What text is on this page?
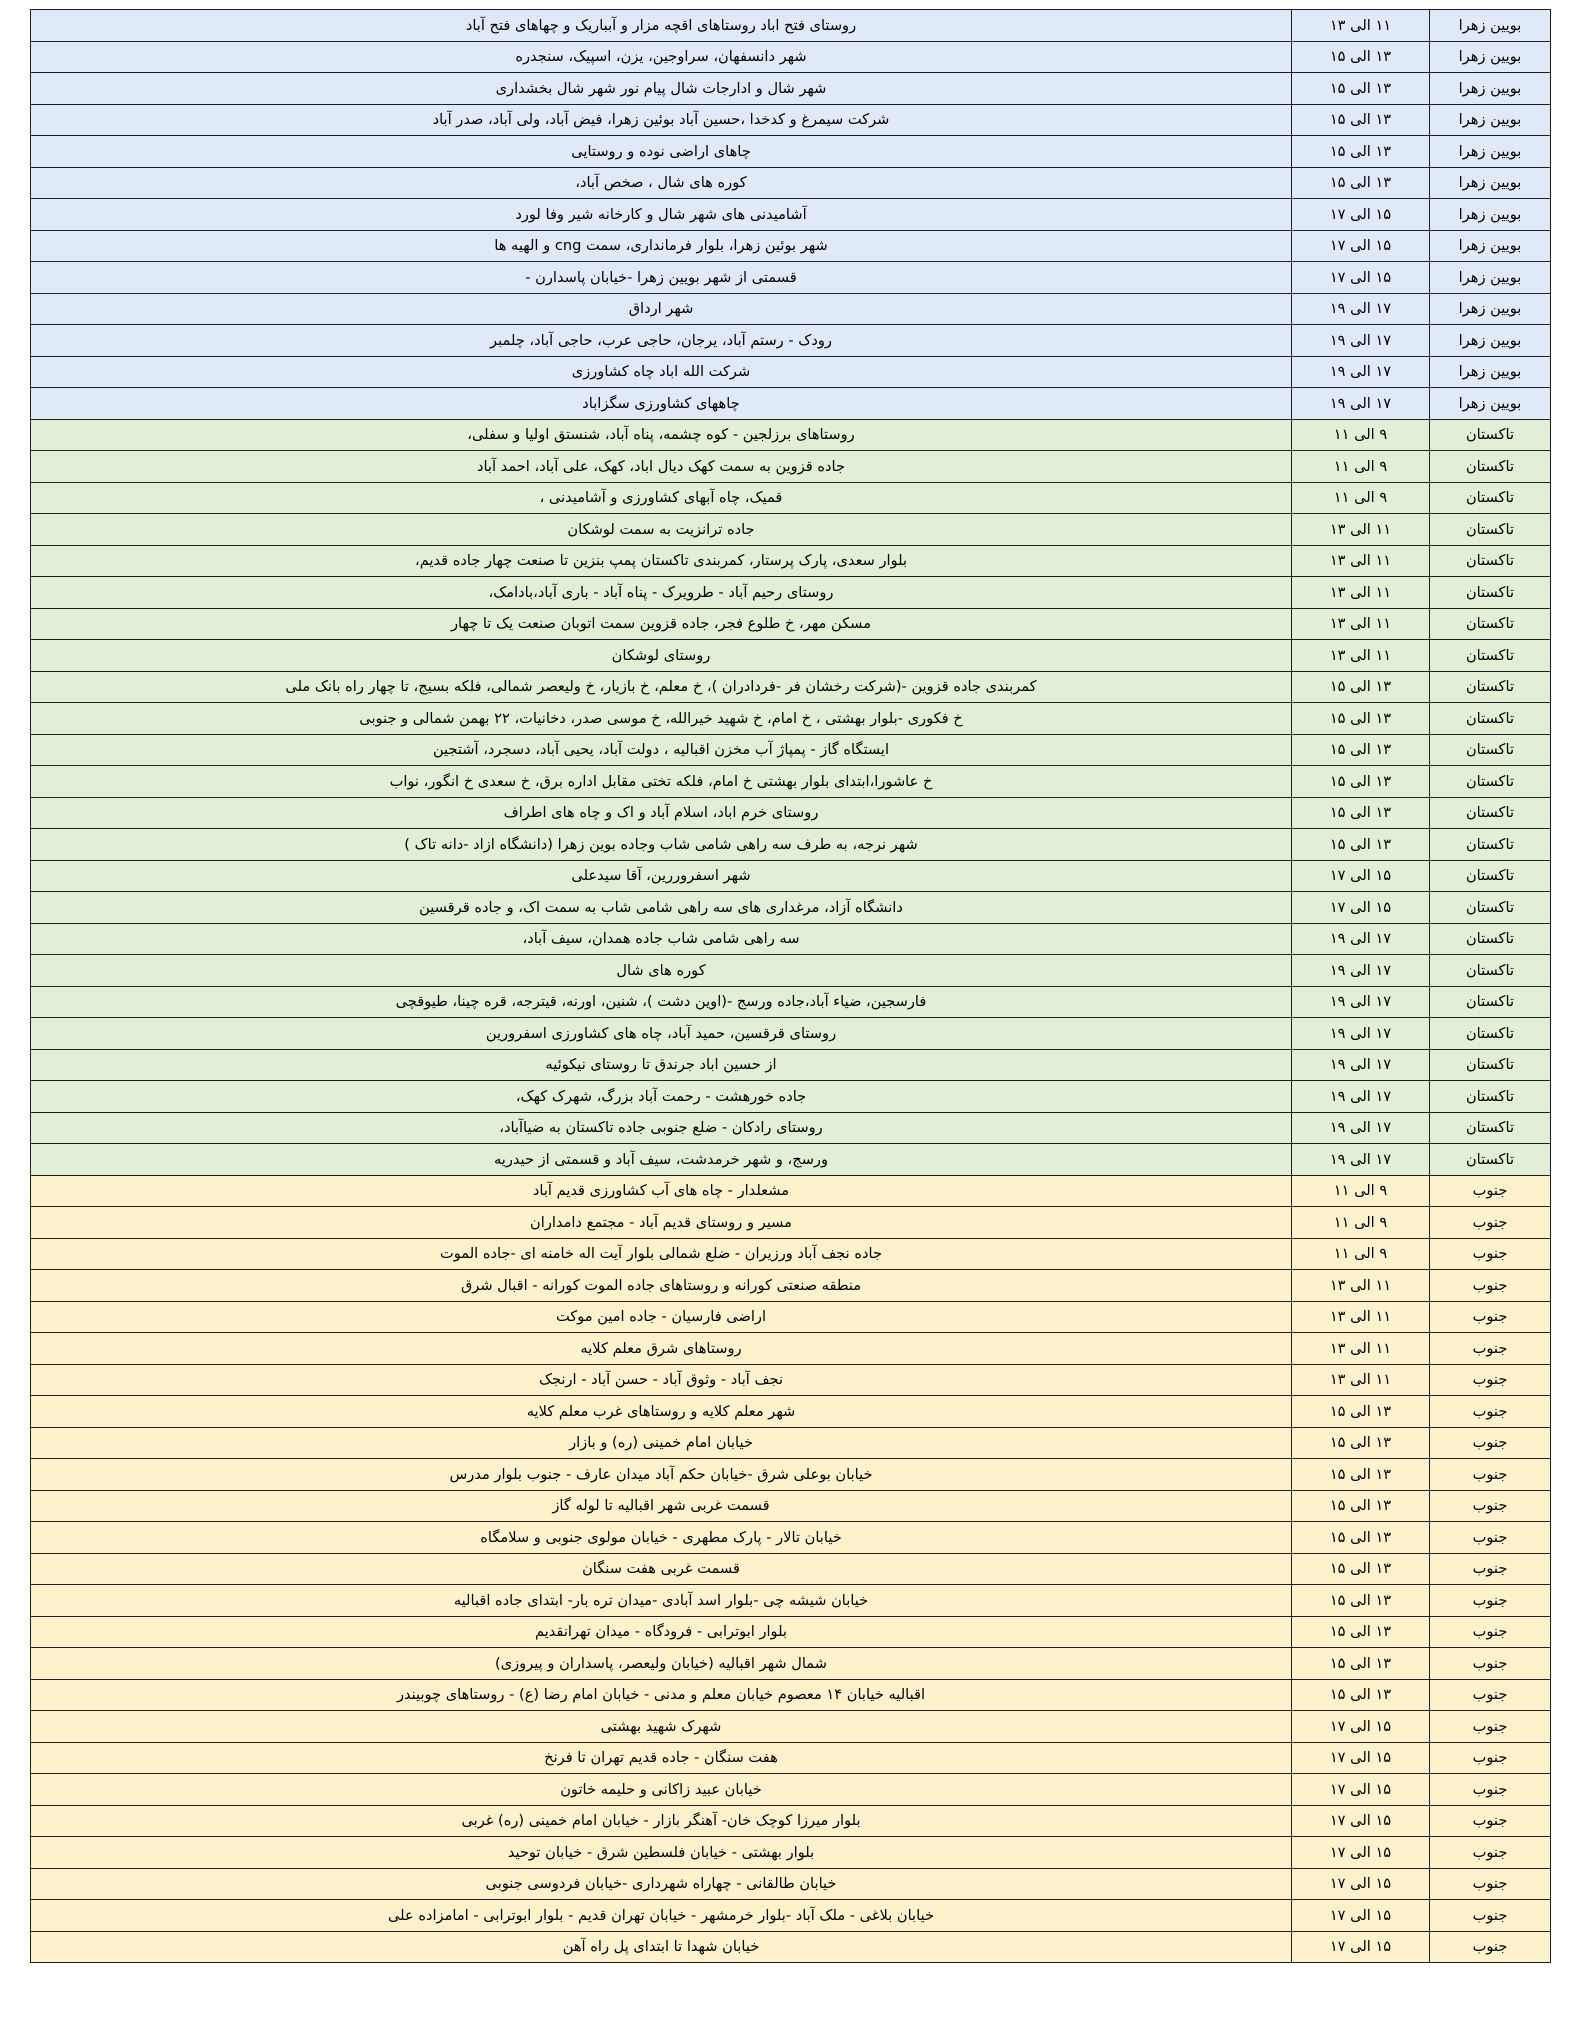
بویین زهرا	۱۱ الی ۱۳	روستای فتح اباد روستاهای اقچه مزار و آبباریک و چهاهای فتح آباد
بویین زهرا	۱۳ الی ۱۵	شهر دانسفهان، سراوجین، یزن، اسپیک، سنجدره
بویین زهرا	۱۳ الی ۱۵	شهر شال و ادارجات شال پیام نور شهر شال بخشداری
بویین زهرا	۱۳ الی ۱۵	شرکت سیمرغ و کدخدا ،حسین آباد بوئین زهرا، فیض آباد، ولی آباد، صدر آباد
بویین زهرا	۱۳ الی ۱۵	چاهای اراضی نوده و روستایی
بویین زهرا	۱۳ الی ۱۵	کوره های شال ، صخص آباد،
بویین زهرا	۱۵ الی ۱۷	آشامیدنی های شهر شال و کارخانه شیر وفا لورد
بویین زهرا	۱۵ الی ۱۷	شهر بوئین زهرا، بلوار فرمانداری، سمت cng و الهیه ها
بویین زهرا	۱۵ الی ۱۷	قسمتی از شهر بویین زهرا -خیابان پاسدارن -
بویین زهرا	۱۷ الی ۱۹	شهر ارداق
بویین زهرا	۱۷ الی ۱۹	رودک - رستم آباد، یرجان، حاجی عرب، حاجی آباد، چلمبر
بویین زهرا	۱۷ الی ۱۹	شرکت الله اباد چاه کشاورزی
بویین زهرا	۱۷ الی ۱۹	چاههای کشاورزی سگزاباد
تاکستان	۹ الی ۱۱	روستاهای برزلجین - کوه چشمه، پناه آباد، شنستق اولیا و سفلی،
تاکستان	۹ الی ۱۱	جاده قزوین به سمت کهک دیال اباد، کهک، علی آباد، احمد آباد
تاکستان	۹ الی ۱۱	قمیک، چاه آبهای کشاورزی و آشامیدنی ،
تاکستان	۱۱ الی ۱۳	جاده ترانزیت به سمت لوشکان
تاکستان	۱۱ الی ۱۳	بلوار سعدی، پارک پرستار، کمربندی تاکستان پمپ بنزین تا صنعت چهار جاده قدیم،
تاکستان	۱۱ الی ۱۳	روستای رحیم آباد - طرویرک - پناه آباد - باری آباد،بادامک،
تاکستان	۱۱ الی ۱۳	مسکن مهر، خ طلوع فجر، جاده قزوین سمت اتوبان صنعت یک تا چهار
تاکستان	۱۱ الی ۱۳	روستای لوشکان
تاکستان	۱۳ الی ۱۵	کمربندی جاده قزوین -(شرکت رخشان فر -فردادران )، خ معلم، خ بازیار، خ ولیعصر شمالی، فلکه بسیج، تا چهار راه بانک ملی
تاکستان	۱۳ الی ۱۵	خ فکوری -بلوار بهشتی ، خ امام، خ شهید خیرالله، خ موسی صدر، دخانیات، ۲۲ بهمن شمالی و جنوبی
تاکستان	۱۳ الی ۱۵	ایستگاه گاز - پمپاژ آب مخزن اقبالیه ، دولت آباد، یحیی آباد، دسجرد، آشتجین
تاکستان	۱۳ الی ۱۵	خ عاشورا،ابتدای بلوار بهشتی خ امام، فلکه تختی مقابل اداره برق، خ سعدی خ انگور، نواب
تاکستان	۱۳ الی ۱۵	روستای خرم اباد، اسلام آباد و اک و چاه های اطراف
تاکستان	۱۳ الی ۱۵	شهر نرجه، به طرف سه راهی شامی شاب وجاده بوین زهرا (دانشگاه ازاد -دانه تاک )
تاکستان	۱۵ الی ۱۷	شهر اسفروررین، آقا سیدعلی
تاکستان	۱۵ الی ۱۷	دانشگاه آزاد، مرغداری های سه راهی شامی شاب به سمت اک، و جاده قرقسین
تاکستان	۱۷ الی ۱۹	سه راهی شامی شاب جاده همدان، سیف آباد،
تاکستان	۱۷ الی ۱۹	کوره های شال
تاکستان	۱۷ الی ۱۹	فارسجین، ضیاء آباد،جاده ورسج -(اوین دشت )، شنین، اورنه، قیترجه، قره چینا، طیوقچی
تاکستان	۱۷ الی ۱۹	روستای قرقسین، حمید آباد، چاه های کشاورزی اسفرورین
تاکستان	۱۷ الی ۱۹	از حسین اباد جرندق تا روستای نیکوئیه
تاکستان	۱۷ الی ۱۹	جاده خورهشت - رحمت آباد بزرگ، شهرک کهک،
تاکستان	۱۷ الی ۱۹	روستای رادکان - ضلع جنوبی جاده تاکستان به ضیاآباد،
تاکستان	۱۷ الی ۱۹	ورسج، و شهر خرمدشت، سیف آباد و قسمتی از حیدریه
جنوب	۹ الی ۱۱	مشعلدار - چاه های آب کشاورزی قدیم آباد
جنوب	۹ الی ۱۱	مسیر و روستای قدیم آباد - مجتمع دامداران
جنوب	۹ الی ۱۱	جاده نجف آباد ورزیران - ضلع شمالی بلوار آیت اله خامنه ای -جاده الموت
جنوب	۱۱ الی ۱۳	منطقه صنعتی کورانه و روستاهای جاده الموت کورانه - اقبال شرق
جنوب	۱۱ الی ۱۳	اراضی فارسیان - جاده امین موکت
جنوب	۱۱ الی ۱۳	روستاهای شرق معلم کلایه
جنوب	۱۱ الی ۱۳	نجف آباد - وثوق آباد - حسن آباد - ارنجک
جنوب	۱۳ الی ۱۵	شهر معلم کلایه و روستاهای غرب معلم کلایه
جنوب	۱۳ الی ۱۵	خیابان امام خمینی (ره) و بازار
جنوب	۱۳ الی ۱۵	خیابان بوعلی شرق -خیابان حکم آباد میدان عارف - جنوب بلوار مدرس
جنوب	۱۳ الی ۱۵	قسمت غربی شهر اقبالیه تا لوله گاز
جنوب	۱۳ الی ۱۵	خیابان تالار - پارک مطهری - خیابان مولوی جنوبی و سلامگاه
جنوب	۱۳ الی ۱۵	قسمت غربی هفت سنگان
جنوب	۱۳ الی ۱۵	خیابان شیشه چی -بلوار اسد آبادی -میدان تره بار- ابتدای جاده اقبالیه
جنوب	۱۳ الی ۱۵	بلوار ابوترابی - فرودگاه - میدان تهرانقدیم
جنوب	۱۳ الی ۱۵	شمال شهر اقبالیه (خیابان ولیعصر، پاسداران و پیروزی)
جنوب	۱۳ الی ۱۵	اقبالیه خیابان ۱۴ معصوم خیابان معلم و مدنی - خیابان امام رضا (ع) - روستاهای چوبیندر
جنوب	۱۵ الی ۱۷	شهرک شهید بهشتی
جنوب	۱۵ الی ۱۷	هفت سنگان - جاده قدیم تهران تا فرنخ
جنوب	۱۵ الی ۱۷	خیابان عبید زاکانی و حلیمه خاتون
جنوب	۱۵ الی ۱۷	بلوار میرزا کوچک خان- آهنگر بازار - خیابان امام خمینی (ره) غربی
جنوب	۱۵ الی ۱۷	بلوار بهشتی - خیابان فلسطین شرق - خیابان توحید
جنوب	۱۵ الی ۱۷	خیابان طالقانی - چهاراه شهرداری -خیابان فردوسی جنوبی
جنوب	۱۵ الی ۱۷	خیابان بلاغی - ملک آباد -بلوار خرمشهر - خیابان تهران قدیم - بلوار ابوترابی - امامزاده علی
جنوب	۱۵ الی ۱۷	خیابان شهدا تا ابتدای پل راه آهن
